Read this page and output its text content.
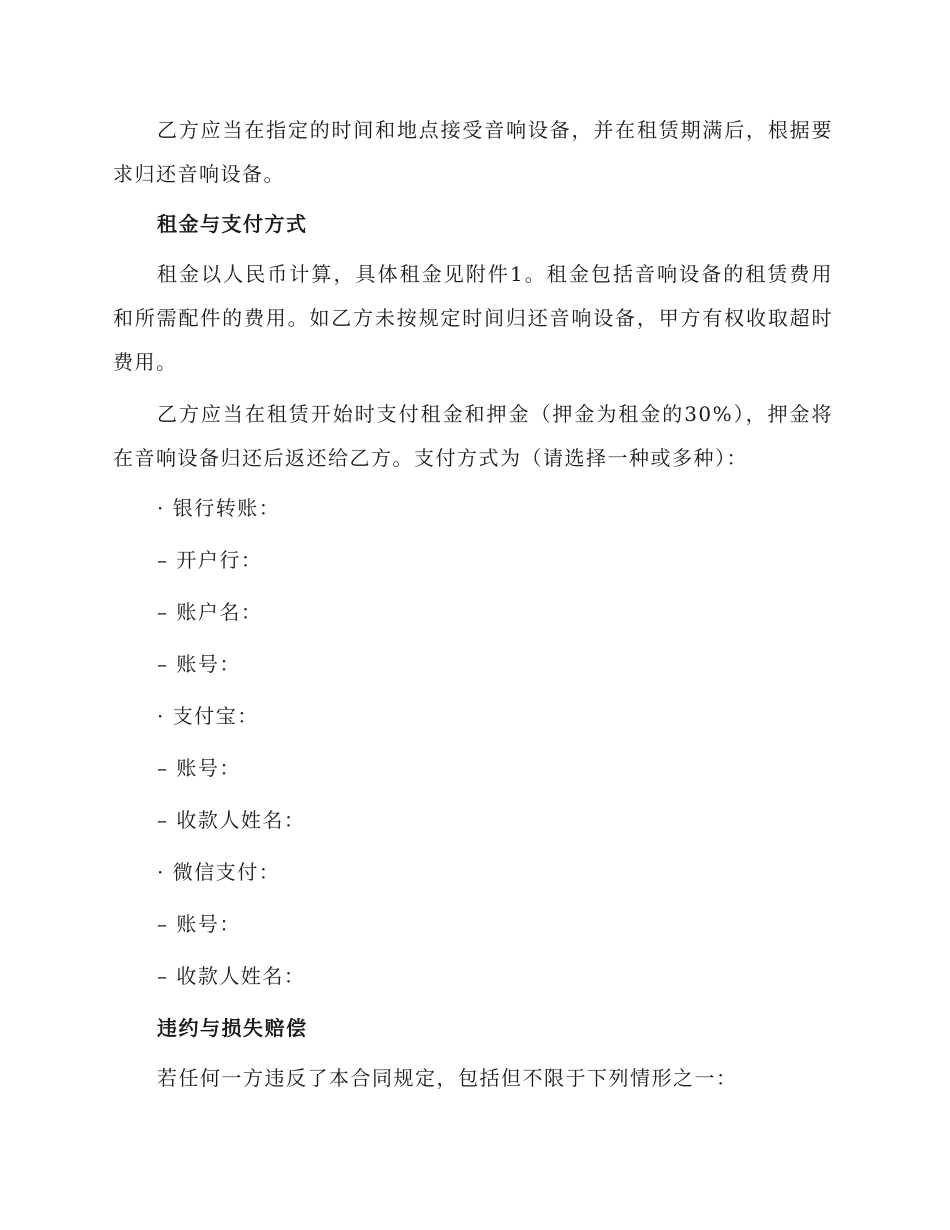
乙方应当在指定的时间和地点接受音响设备，并在租赁期满后，根据要求归还音响设备。

租金与支付方式

租金以人民币计算，具体租金见附件1。租金包括音响设备的租赁费用和所需配件的费用。如乙方未按规定时间归还音响设备，甲方有权收取超时费用。

乙方应当在租赁开始时支付租金和押金（押金为租金的30%），押金将在音响设备归还后返还给乙方。支付方式为（请选择一种或多种）：

· 银行转账：

– 开户行：

– 账户名：

– 账号：

· 支付宝：

– 账号：

– 收款人姓名：

· 微信支付：

– 账号：

– 收款人姓名：

违约与损失赔偿

若任何一方违反了本合同规定，包括但不限于下列情形之一：
